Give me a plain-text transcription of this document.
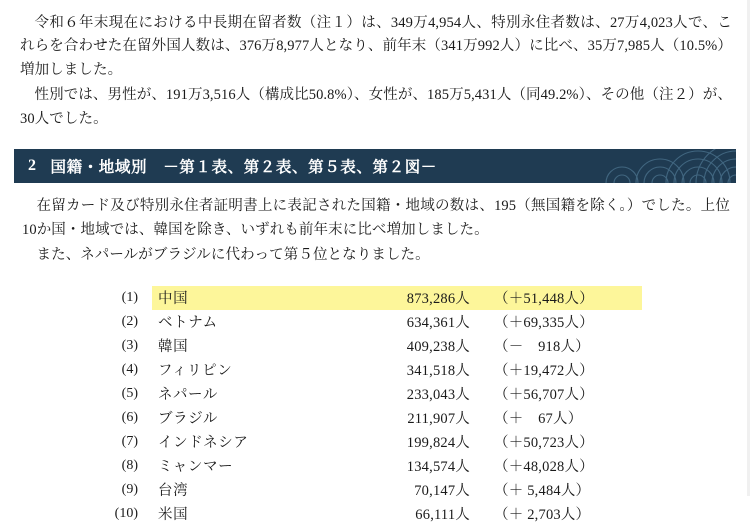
令和６年末現在における中長期在留者数（注１）は、349万4,954人、特別永住者数は、27万4,023人で、これらを合わせた在留外国人数は、376万8,977人となり、前年末（341万992人）に比べ、35万7,985人（10.5%）増加しました。

性別では、男性が、191万3,516人（構成比50.8%）、女性が、185万5,431人（同49.2%）、その他（注２）が、30人でした。

2 国籍・地域別　－第１表、第２表、第５表、第２図－

在留カード及び特別永住者証明書上に表記された国籍・地域の数は、195（無国籍を除く。）でした。上位10か国・地域では、韓国を除き、いずれも前年末に比べ増加しました。

また、ネパールがブラジルに代わって第５位となりました。

(1)	中国	873,286人	（＋51,448人）
(2)	ベトナム	634,361人	（＋69,335人）
(3)	韓国	409,238人	（－　918人）
(4)	フィリピン	341,518人	（＋19,472人）
(5)	ネパール	233,043人	（＋56,707人）
(6)	ブラジル	211,907人	（＋　67人）
(7)	インドネシア	199,824人	（＋50,723人）
(8)	ミャンマー	134,574人	（＋48,028人）
(9)	台湾	70,147人	（＋ 5,484人）
(10)	米国	66,111人	（＋ 2,703人）
